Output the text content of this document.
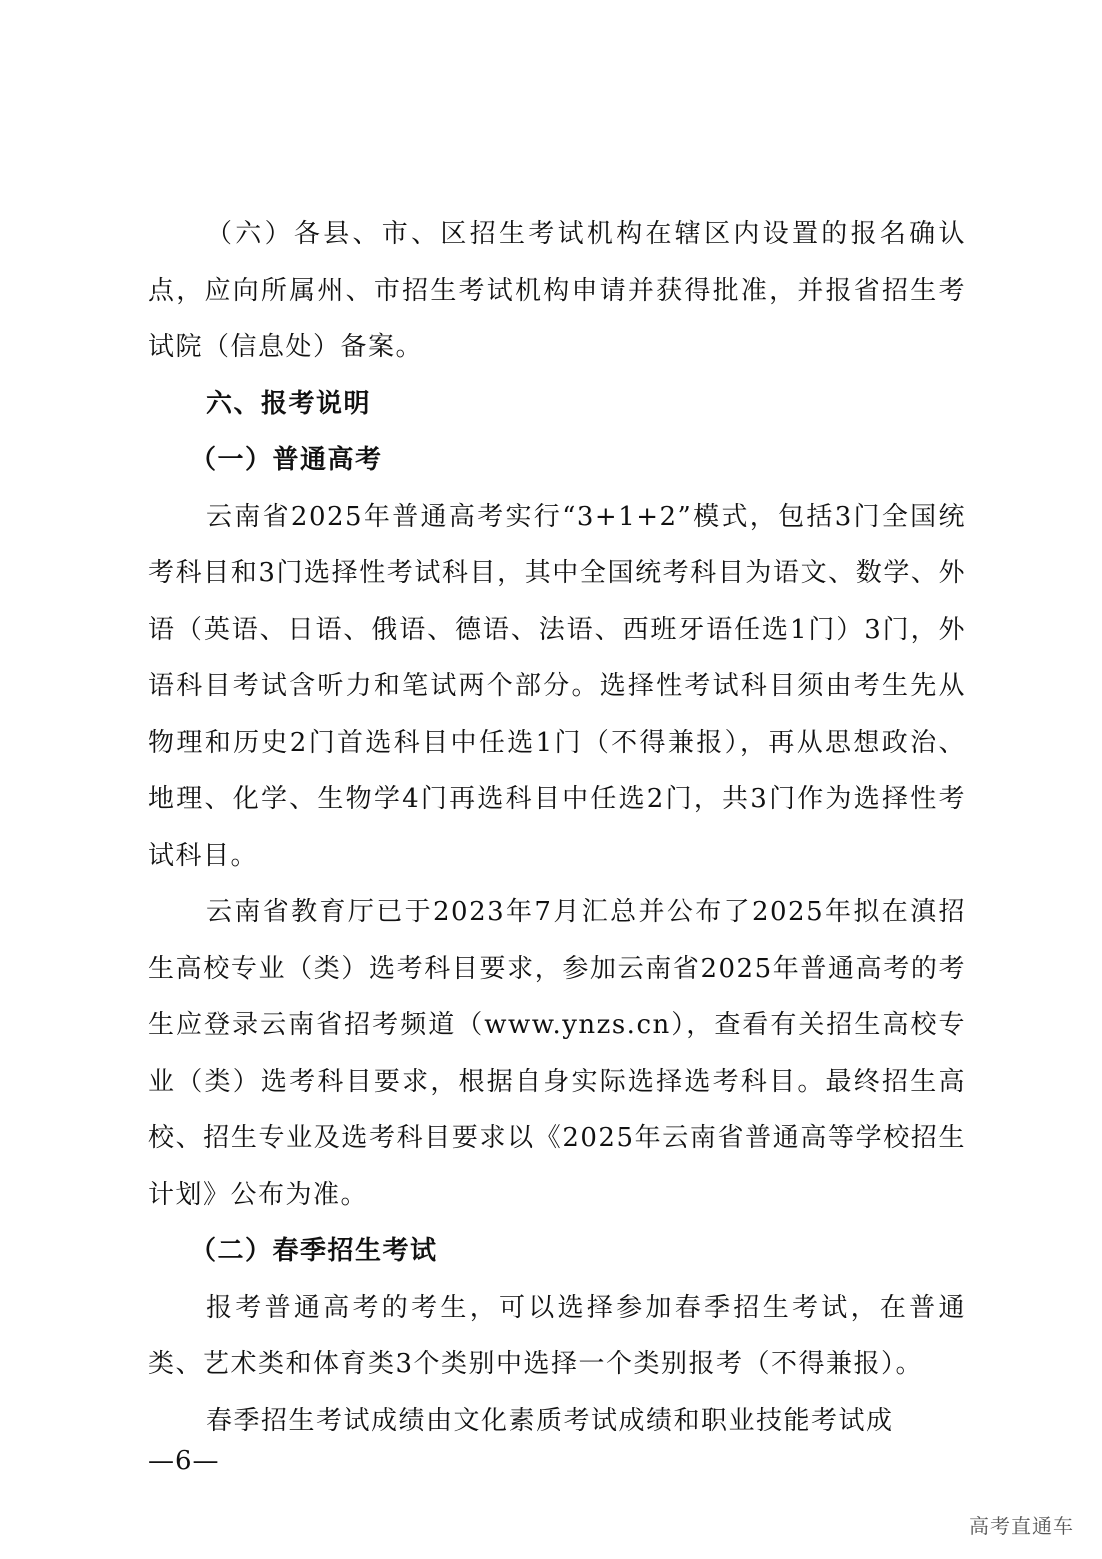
（六）各县、市、区招生考试机构在辖区内设置的报名确认点，应向所属州、市招生考试机构申请并获得批准，并报省招生考试院（信息处）备案。

六、报考说明

（一）普通高考

云南省2025年普通高考实行“3+1+2”模式，包括3门全国统考科目和3门选择性考试科目，其中全国统考科目为语文、数学、外语（英语、日语、俄语、德语、法语、西班牙语任选1门）3门，外语科目考试含听力和笔试两个部分。选择性考试科目须由考生先从物理和历史2门首选科目中任选1门（不得兼报），再从思想政治、地理、化学、生物学4门再选科目中任选2门，共3门作为选择性考试科目。

云南省教育厅已于2023年7月汇总并公布了2025年拟在滇招生高校专业（类）选考科目要求，参加云南省2025年普通高考的考生应登录云南省招考频道（www.ynzs.cn），查看有关招生高校专业（类）选考科目要求，根据自身实际选择选考科目。最终招生高校、招生专业及选考科目要求以《2025年云南省普通高等学校招生计划》公布为准。

（二）春季招生考试

报考普通高考的考生，可以选择参加春季招生考试，在普通类、艺术类和体育类3个类别中选择一个类别报考（不得兼报）。

春季招生考试成绩由文化素质考试成绩和职业技能考试成

—6—
高考直通车
